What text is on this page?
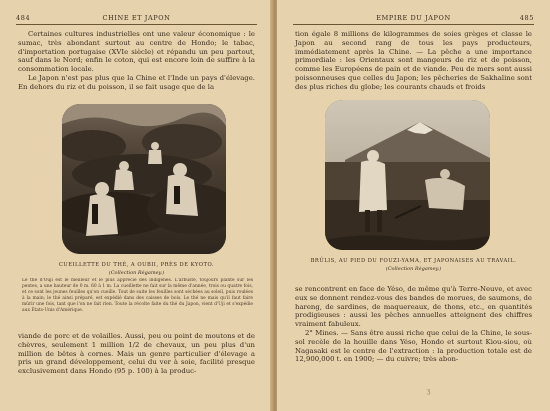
484	CHINE ET JAPON

Certaines cultures industrielles ont une valeur économique : le sumac, très abondant surtout au centre de Hondo; le tabac, d'importation portugaise (XVIe siècle) et répandu un peu partout, sauf dans le Nord; enfin le coton, qui est encore loin de suffire à la consommation locale.

Le Japon n'est pas plus que la Chine et l'Inde un pays d'élevage. En dehors du riz et du poisson, il se fait usage que de la

CUEILLETTE DU THÉ, A OUBII, PRÈS DE KYOTO.
(Collection Régamey.)
Le thé d'Ouji est le meilleur et le plus apprécié des indigènes. L'arbuste, toujours planté sur les pentes, a une hauteur de 0 m. 60 à 1 m. La cueillette ne fait sur la même d'année, trois ou quatre fois, et ce sont les jeunes feuilles qu'on cueille. Tout de suite les feuilles sont séchées au soleil, puis roulées à la main; le thé ainsi préparé, est expédié dans des caisses de bois. Le thé ne mais qu'il faut faire mûrir une fois, tant que l'on ne fait rien. Toute la récolte faite du thé du Japon, vient d'Uji et s'expédie aux États-Unis d'Amérique.

viande de porc et de volailles. Aussi, peu ou point de moutons et de chèvres, seulement 1 million 1/2 de chevaux, un peu plus d'un million de bêtes à cornes. Mais un genre particulier d'élevage a pris un grand développement, celui du ver à soie, facilité presque exclusivement dans Hondo (95 p. 100) à la produc-

EMPIRE DU JAPON	485

tion égale 8 millions de kilogrammes de soies grèges et classe le Japon au second rang de tous les pays producteurs, immédiatement après la Chine. — La pêche a une importance primordiale : les Orientaux sont mangeurs de riz et de poisson, comme les Européens de pain et de viande. Peu de mers sont aussi poissonneuses que celles du Japon; les pêcheries de Sakhaline sont des plus riches du globe; les courants chauds et froids

BRÛLIS, AU PIED DU FOUZI-YAMA, ET JAPONAISES AU TRAVAIL.
(Collection Régamey.)

se rencontrent en face de Yéso, de même qu'à Terre-Neuve, et avec eux se donnent rendez-vous des bandes de morues, de saumons, de hareng, de sardines, de maquereaux, de thons, etc., en quantités prodigieuses : aussi les pêches annuelles atteignent des chiffres vraiment fabuleux.

2° Mines. — Sans être aussi riche que celui de la Chine, le sous-sol recèle de la houille dans Yéso, Hondo et surtout Kiou-siou, où Nagasaki est le centre de l'extraction : la production totale est de 12,900,000 t. en 1900; — du cuivre; très abon-

ʒ
